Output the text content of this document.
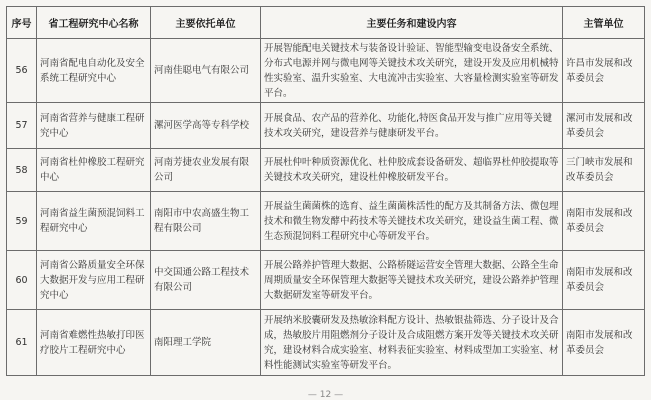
序号	省工程研究中心名称	主要依托单位	主要任务和建设内容	主管单位
56	河南省配电自动化及安全系统工程研究中心	河南佳聪电气有限公司	开展智能配电关键技术与装备设计验证、智能型输变电设备安全系统、分布式电源并网与微电网等关键技术攻关研究，建设开发及应用机械特性实验室、温升实验室、大电流冲击实验室、大容量检测实验室等研发平台。	许昌市发展和改革委员会
57	河南省营养与健康工程研究中心	漯河医学高等专科学校	开展食品、农产品的营养化、功能化,特医食品开发与推广应用等关键技术攻关研究，建设营养与健康研发平台。	漯河市发展和改革委员会
58	河南省杜仲橡胶工程研究中心	河南芳捷农业发展有限公司	开展杜仲叶种质资源优化、杜仲胶成套设备研发、超临界杜仲胶提取等关键技术攻关研究，建设杜仲橡胶研发平台。	三门峡市发展和改革委员会
59	河南省益生菌预混饲料工程研究中心	南阳市中农高盛生物工程有限公司	开展益生菌菌株的选育、益生菌菌株活性的配方及其制备方法、微包埋技术和微生物发酵中药技术等关键技术攻关研究，建设益生菌工程、微生态预混饲料工程研究中心等研发平台。	南阳市发展和改革委员会
60	河南省公路质量安全环保大数据开发与应用工程研究中心	中交国通公路工程技术有限公司	开展公路养护管理大数据、公路桥隧运营安全管理大数据、公路全生命周期质量安全环保管理大数据等关键技术攻关研究，建设公路养护管理大数据研发室等研发平台。	南阳市发展和改革委员会
61	河南省难燃性热敏打印医疗胶片工程研究中心	南阳理工学院	开展纳米胶囊研发及热敏涂料配方设计、热敏银盐筛选、分子设计及合成，热敏胶片用阻燃剂分子设计及合成阻燃方案开发等关键技术攻关研究，建设材料合成实验室、材料表征实验室、材料成型加工实验室、材料性能测试实验室等研发平台。	南阳市发展和改革委员会
— 12 —
